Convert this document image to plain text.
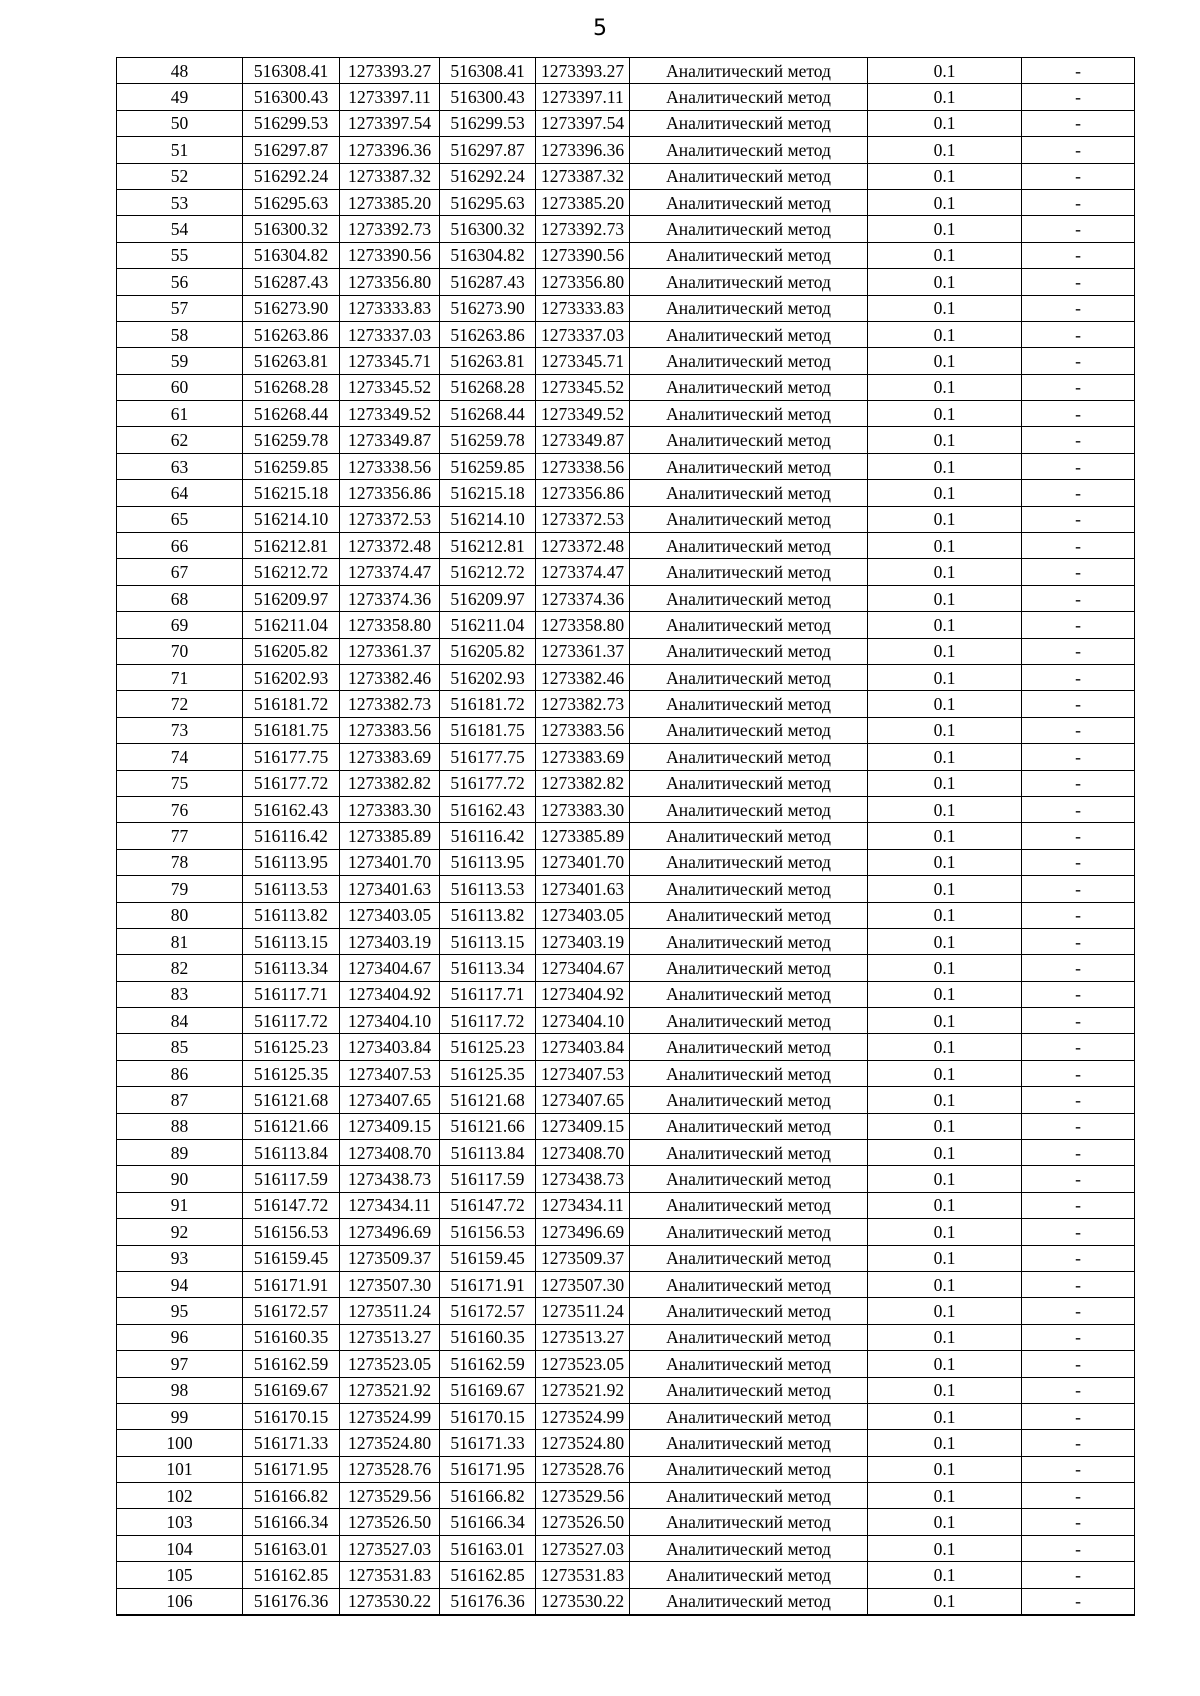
5
48	516308.41	1273393.27	516308.41	1273393.27	Аналитический метод	0.1	-
49	516300.43	1273397.11	516300.43	1273397.11	Аналитический метод	0.1	-
50	516299.53	1273397.54	516299.53	1273397.54	Аналитический метод	0.1	-
51	516297.87	1273396.36	516297.87	1273396.36	Аналитический метод	0.1	-
52	516292.24	1273387.32	516292.24	1273387.32	Аналитический метод	0.1	-
53	516295.63	1273385.20	516295.63	1273385.20	Аналитический метод	0.1	-
54	516300.32	1273392.73	516300.32	1273392.73	Аналитический метод	0.1	-
55	516304.82	1273390.56	516304.82	1273390.56	Аналитический метод	0.1	-
56	516287.43	1273356.80	516287.43	1273356.80	Аналитический метод	0.1	-
57	516273.90	1273333.83	516273.90	1273333.83	Аналитический метод	0.1	-
58	516263.86	1273337.03	516263.86	1273337.03	Аналитический метод	0.1	-
59	516263.81	1273345.71	516263.81	1273345.71	Аналитический метод	0.1	-
60	516268.28	1273345.52	516268.28	1273345.52	Аналитический метод	0.1	-
61	516268.44	1273349.52	516268.44	1273349.52	Аналитический метод	0.1	-
62	516259.78	1273349.87	516259.78	1273349.87	Аналитический метод	0.1	-
63	516259.85	1273338.56	516259.85	1273338.56	Аналитический метод	0.1	-
64	516215.18	1273356.86	516215.18	1273356.86	Аналитический метод	0.1	-
65	516214.10	1273372.53	516214.10	1273372.53	Аналитический метод	0.1	-
66	516212.81	1273372.48	516212.81	1273372.48	Аналитический метод	0.1	-
67	516212.72	1273374.47	516212.72	1273374.47	Аналитический метод	0.1	-
68	516209.97	1273374.36	516209.97	1273374.36	Аналитический метод	0.1	-
69	516211.04	1273358.80	516211.04	1273358.80	Аналитический метод	0.1	-
70	516205.82	1273361.37	516205.82	1273361.37	Аналитический метод	0.1	-
71	516202.93	1273382.46	516202.93	1273382.46	Аналитический метод	0.1	-
72	516181.72	1273382.73	516181.72	1273382.73	Аналитический метод	0.1	-
73	516181.75	1273383.56	516181.75	1273383.56	Аналитический метод	0.1	-
74	516177.75	1273383.69	516177.75	1273383.69	Аналитический метод	0.1	-
75	516177.72	1273382.82	516177.72	1273382.82	Аналитический метод	0.1	-
76	516162.43	1273383.30	516162.43	1273383.30	Аналитический метод	0.1	-
77	516116.42	1273385.89	516116.42	1273385.89	Аналитический метод	0.1	-
78	516113.95	1273401.70	516113.95	1273401.70	Аналитический метод	0.1	-
79	516113.53	1273401.63	516113.53	1273401.63	Аналитический метод	0.1	-
80	516113.82	1273403.05	516113.82	1273403.05	Аналитический метод	0.1	-
81	516113.15	1273403.19	516113.15	1273403.19	Аналитический метод	0.1	-
82	516113.34	1273404.67	516113.34	1273404.67	Аналитический метод	0.1	-
83	516117.71	1273404.92	516117.71	1273404.92	Аналитический метод	0.1	-
84	516117.72	1273404.10	516117.72	1273404.10	Аналитический метод	0.1	-
85	516125.23	1273403.84	516125.23	1273403.84	Аналитический метод	0.1	-
86	516125.35	1273407.53	516125.35	1273407.53	Аналитический метод	0.1	-
87	516121.68	1273407.65	516121.68	1273407.65	Аналитический метод	0.1	-
88	516121.66	1273409.15	516121.66	1273409.15	Аналитический метод	0.1	-
89	516113.84	1273408.70	516113.84	1273408.70	Аналитический метод	0.1	-
90	516117.59	1273438.73	516117.59	1273438.73	Аналитический метод	0.1	-
91	516147.72	1273434.11	516147.72	1273434.11	Аналитический метод	0.1	-
92	516156.53	1273496.69	516156.53	1273496.69	Аналитический метод	0.1	-
93	516159.45	1273509.37	516159.45	1273509.37	Аналитический метод	0.1	-
94	516171.91	1273507.30	516171.91	1273507.30	Аналитический метод	0.1	-
95	516172.57	1273511.24	516172.57	1273511.24	Аналитический метод	0.1	-
96	516160.35	1273513.27	516160.35	1273513.27	Аналитический метод	0.1	-
97	516162.59	1273523.05	516162.59	1273523.05	Аналитический метод	0.1	-
98	516169.67	1273521.92	516169.67	1273521.92	Аналитический метод	0.1	-
99	516170.15	1273524.99	516170.15	1273524.99	Аналитический метод	0.1	-
100	516171.33	1273524.80	516171.33	1273524.80	Аналитический метод	0.1	-
101	516171.95	1273528.76	516171.95	1273528.76	Аналитический метод	0.1	-
102	516166.82	1273529.56	516166.82	1273529.56	Аналитический метод	0.1	-
103	516166.34	1273526.50	516166.34	1273526.50	Аналитический метод	0.1	-
104	516163.01	1273527.03	516163.01	1273527.03	Аналитический метод	0.1	-
105	516162.85	1273531.83	516162.85	1273531.83	Аналитический метод	0.1	-
106	516176.36	1273530.22	516176.36	1273530.22	Аналитический метод	0.1	-
